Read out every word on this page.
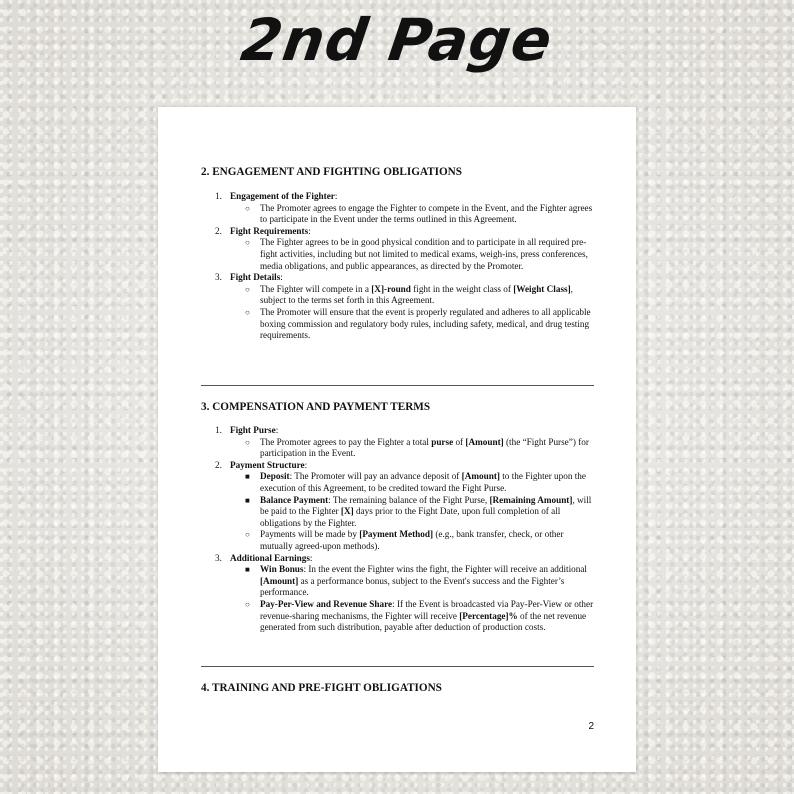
2nd Page
2. ENGAGEMENT AND FIGHTING OBLIGATIONS
1. Engagement of the Fighter:
○ The Promoter agrees to engage the Fighter to compete in the Event, and the Fighter agrees to participate in the Event under the terms outlined in this Agreement.
2. Fight Requirements:
○ The Fighter agrees to be in good physical condition and to participate in all required pre-fight activities, including but not limited to medical exams, weigh-ins, press conferences, media obligations, and public appearances, as directed by the Promoter.
3. Fight Details:
○ The Fighter will compete in a [X]-round fight in the weight class of [Weight Class], subject to the terms set forth in this Agreement.
○ The Promoter will ensure that the event is properly regulated and adheres to all applicable boxing commission and regulatory body rules, including safety, medical, and drug testing requirements.
3. COMPENSATION AND PAYMENT TERMS
1. Fight Purse:
○ The Promoter agrees to pay the Fighter a total purse of [Amount] (the “Fight Purse”) for participation in the Event.
2. Payment Structure:
■ Deposit: The Promoter will pay an advance deposit of [Amount] to the Fighter upon the execution of this Agreement, to be credited toward the Fight Purse.
■ Balance Payment: The remaining balance of the Fight Purse, [Remaining Amount], will be paid to the Fighter [X] days prior to the Fight Date, upon full completion of all obligations by the Fighter.
○ Payments will be made by [Payment Method] (e.g., bank transfer, check, or other mutually agreed-upon methods).
3. Additional Earnings:
■ Win Bonus: In the event the Fighter wins the fight, the Fighter will receive an additional [Amount] as a performance bonus, subject to the Event's success and the Fighter’s performance.
○ Pay-Per-View and Revenue Share: If the Event is broadcasted via Pay-Per-View or other revenue-sharing mechanisms, the Fighter will receive [Percentage]% of the net revenue generated from such distribution, payable after deduction of production costs.
4. TRAINING AND PRE-FIGHT OBLIGATIONS
2
